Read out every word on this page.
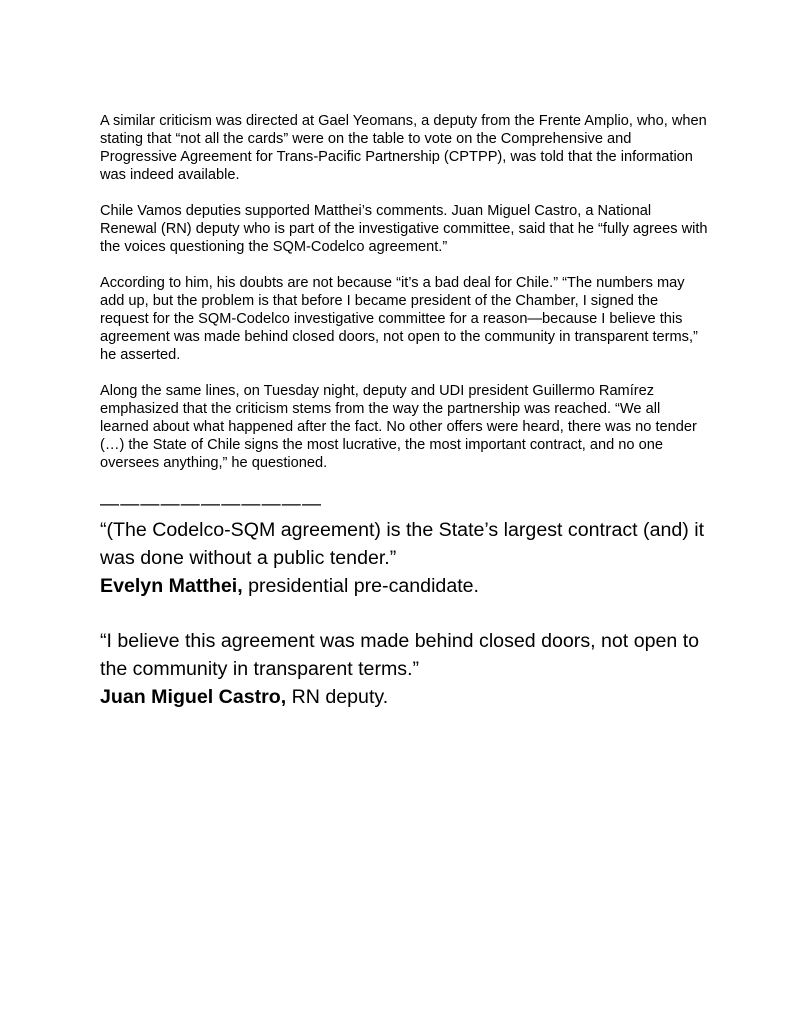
A similar criticism was directed at Gael Yeomans, a deputy from the Frente Amplio, who, when stating that “not all the cards” were on the table to vote on the Comprehensive and Progressive Agreement for Trans-Pacific Partnership (CPTPP), was told that the information was indeed available.

Chile Vamos deputies supported Matthei’s comments. Juan Miguel Castro, a National Renewal (RN) deputy who is part of the investigative committee, said that he “fully agrees with the voices questioning the SQM-Codelco agreement.”

According to him, his doubts are not because “it’s a bad deal for Chile.” “The numbers may add up, but the problem is that before I became president of the Chamber, I signed the request for the SQM-Codelco investigative committee for a reason—because I believe this agreement was made behind closed doors, not open to the community in transparent terms,” he asserted.

Along the same lines, on Tuesday night, deputy and UDI president Guillermo Ramírez emphasized that the criticism stems from the way the partnership was reached. “We all learned about what happened after the fact. No other offers were heard, there was no tender (…) the State of Chile signs the most lucrative, the most important contract, and no one oversees anything,” he questioned.

———————————
“(The Codelco-SQM agreement) is the State’s largest contract (and) it was done without a public tender.”
Evelyn Matthei, presidential pre-candidate.
“I believe this agreement was made behind closed doors, not open to the community in transparent terms.”
Juan Miguel Castro, RN deputy.
